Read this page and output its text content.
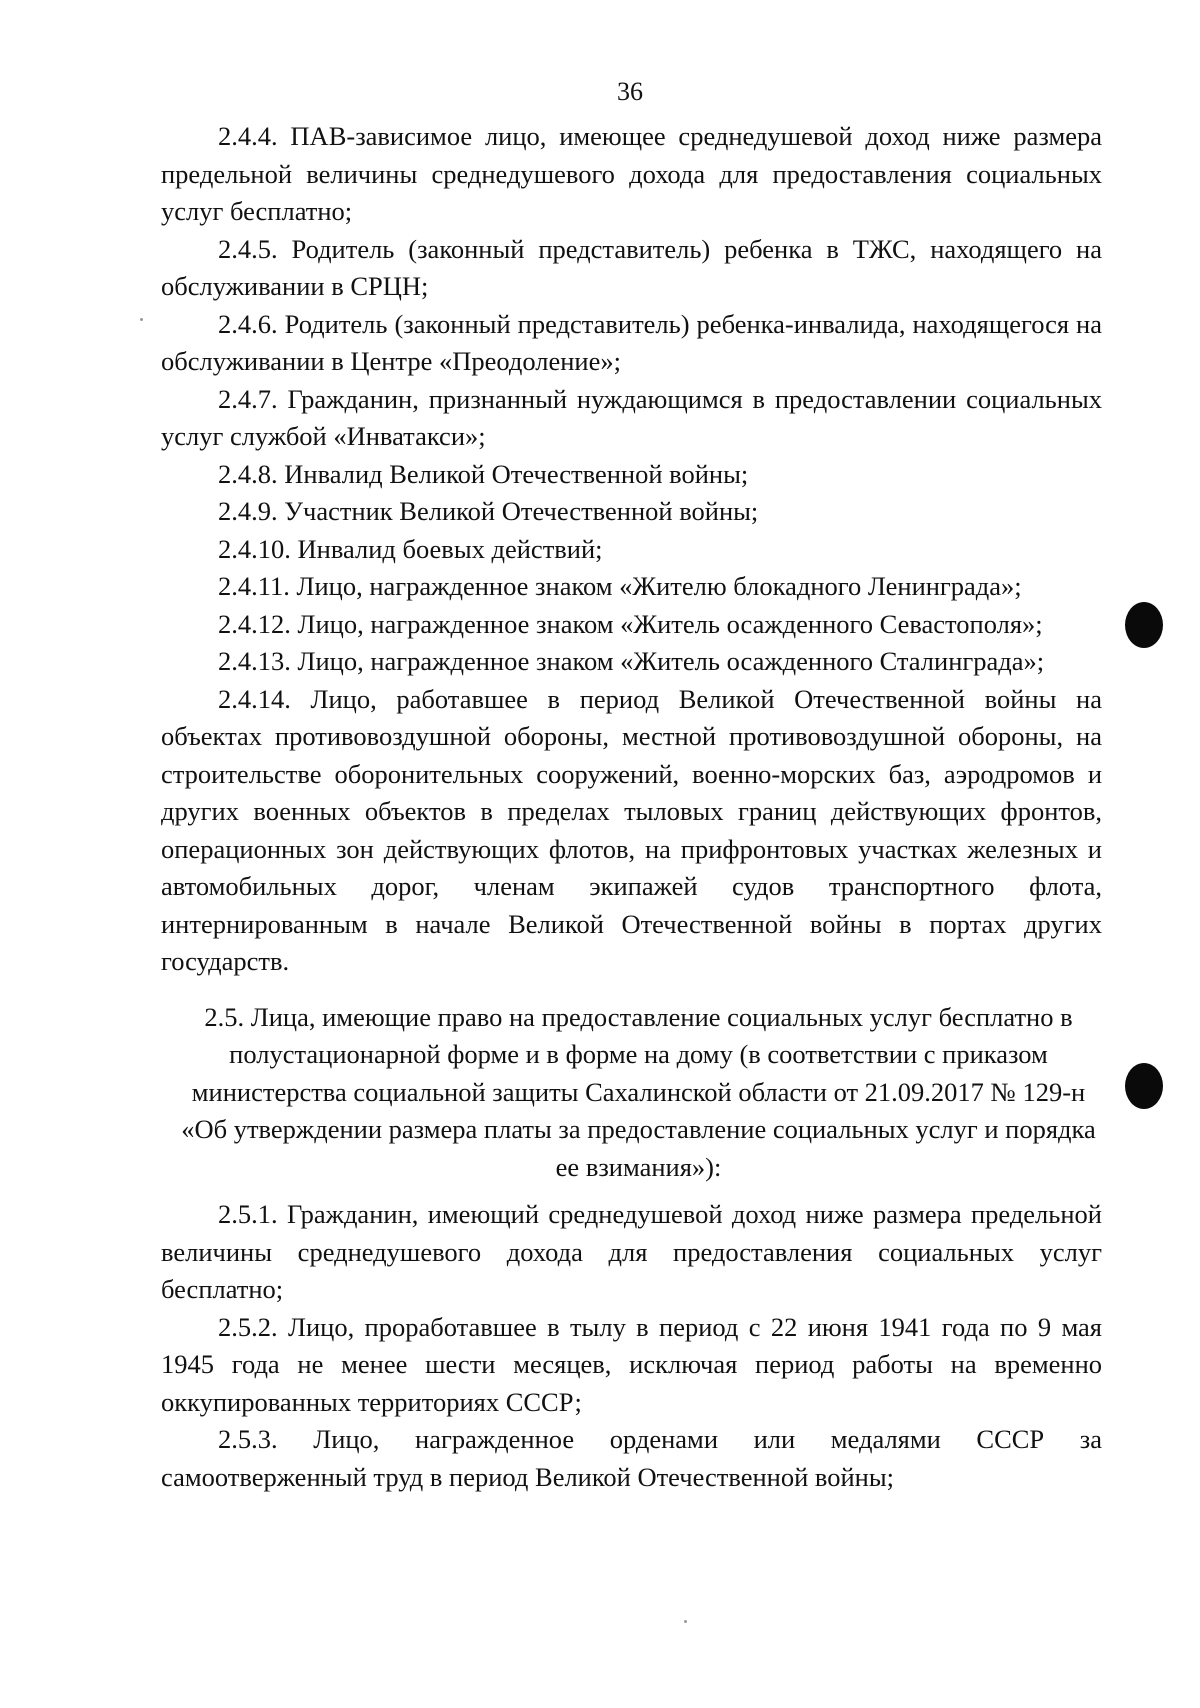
36

2.4.4. ПАВ-зависимое лицо, имеющее среднедушевой доход ниже размера предельной величины среднедушевого дохода для предоставления социальных услуг бесплатно;

2.4.5. Родитель (законный представитель) ребенка в ТЖС, находящего на обслуживании в СРЦН;

2.4.6. Родитель (законный представитель) ребенка-инвалида, находящегося на обслуживании в Центре «Преодоление»;

2.4.7. Гражданин, признанный нуждающимся в предоставлении социальных услуг службой «Инватакси»;

2.4.8. Инвалид Великой Отечественной войны;

2.4.9. Участник Великой Отечественной войны;

2.4.10. Инвалид боевых действий;

2.4.11. Лицо, награжденное знаком «Жителю блокадного Ленинграда»;

2.4.12. Лицо, награжденное знаком «Житель осажденного Севастополя»;

2.4.13. Лицо, награжденное знаком «Житель осажденного Сталинграда»;

2.4.14. Лицо, работавшее в период Великой Отечественной войны на объектах противовоздушной обороны, местной противовоздушной обороны, на строительстве оборонительных сооружений, военно-морских баз, аэродромов и других военных объектов в пределах тыловых границ действующих фронтов, операционных зон действующих флотов, на прифронтовых участках железных и автомобильных дорог, членам экипажей судов транспортного флота, интернированным в начале Великой Отечественной войны в портах других государств.

2.5. Лица, имеющие право на предоставление социальных услуг бесплатно в полустационарной форме и в форме на дому (в соответствии с приказом министерства социальной защиты Сахалинской области от 21.09.2017 № 129-н «Об утверждении размера платы за предоставление социальных услуг и порядка ее взимания»):

2.5.1. Гражданин, имеющий среднедушевой доход ниже размера предельной величины среднедушевого дохода для предоставления социальных услуг бесплатно;

2.5.2. Лицо, проработавшее в тылу в период с 22 июня 1941 года по 9 мая 1945 года не менее шести месяцев, исключая период работы на временно оккупированных территориях СССР;

2.5.3. Лицо, награжденное орденами или медалями СССР за самоотверженный труд в период Великой Отечественной войны;
